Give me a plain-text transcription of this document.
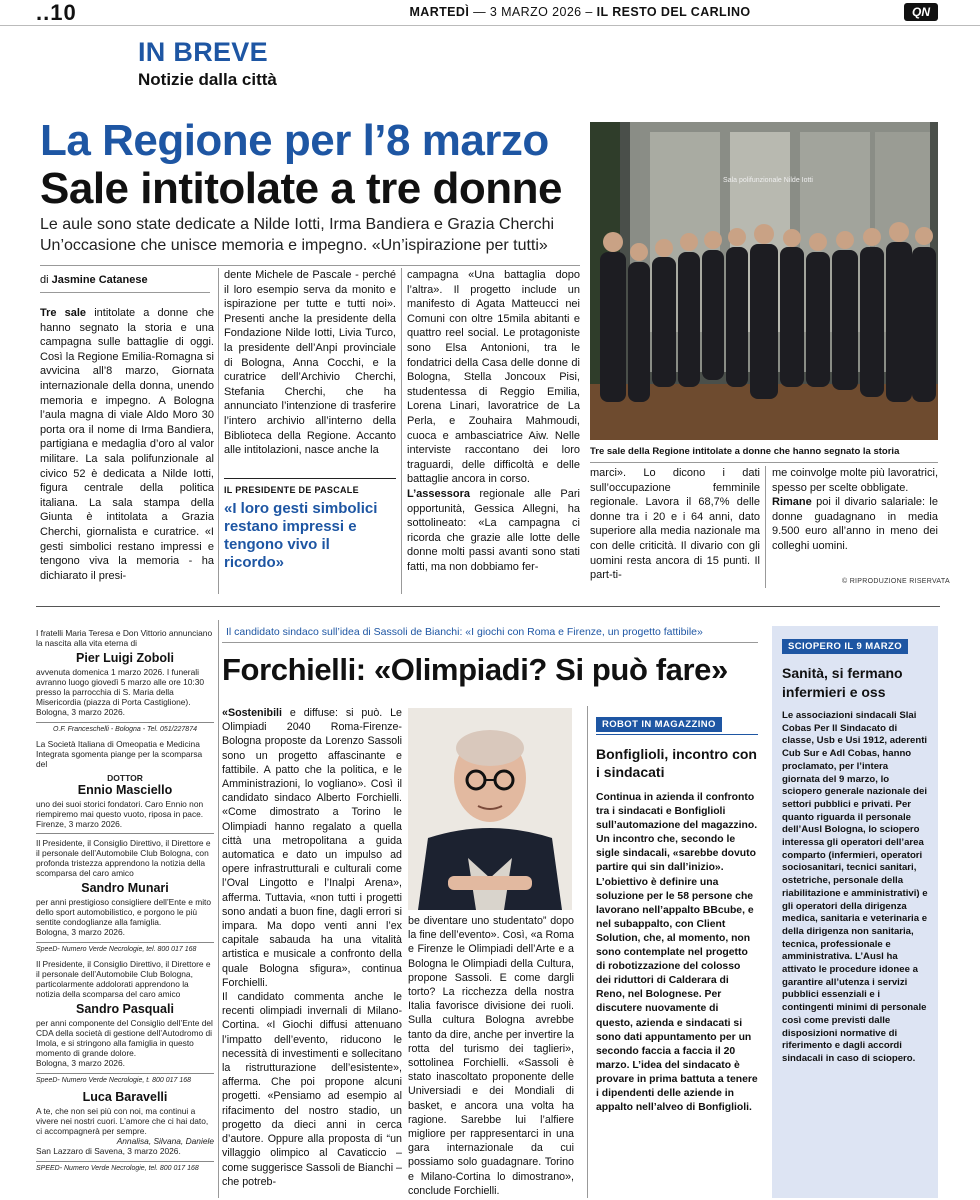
..10	MARTEDÌ — 3 MARZO 2026 – IL RESTO DEL CARLINO	QN
IN BREVE
Notizie dalla città
La Regione per l’8 marzo
Sale intitolate a tre donne
Le aule sono state dedicate a Nilde Iotti, Irma Bandiera e Grazia Cherchi
Un’occasione che unisce memoria e impegno. «Un’ispirazione per tutti»
di Jasmine Catanese

Tre sale intitolate a donne che hanno segnato la storia e una campagna sulle battaglie di oggi. Così la Regione Emilia-Romagna si avvicina all’8 marzo, Giornata internazionale della donna, unendo memoria e impegno. A Bologna l’aula magna di viale Aldo Moro 30 porta ora il nome di Irma Bandiera, partigiana e medaglia d’oro al valor militare. La sala polifunzionale al civico 52 è dedicata a Nilde Iotti, figura centrale della politica italiana. La sala stampa della Giunta è intitolata a Grazia Cherchi, giornalista e curatrice. «I gesti simbolici restano impressi e tengono viva la memoria - ha dichiarato il presi-

dente Michele de Pascale - perché il loro esempio serva da monito e ispirazione per tutte e tutti noi». Presenti anche la presidente della Fondazione Nilde Iotti, Livia Turco, la presidente dell’Anpi provinciale di Bologna, Anna Cocchi, e la curatrice dell’Archivio Cherchi, Stefania Cherchi, che ha annunciato l’intenzione di trasferire l’intero archivio all’interno della Biblioteca della Regione. Accanto alle intitolazioni, nasce anche la

IL PRESIDENTE DE PASCALE
«I loro gesti simbolici restano impressi e tengono vivo il ricordo»

campagna «Una battaglia dopo l’altra». Il progetto include un manifesto di Agata Matteucci nei Comuni con oltre 15mila abitanti e quattro reel social. Le protagoniste sono Elsa Antonioni, tra le fondatrici della Casa delle donne di Bologna, Stella Joncoux Pisi, studentessa di Reggio Emilia, Lorena Linari, lavoratrice de La Perla, e Zouhaira Mahmoudi, cuoca e ambasciatrice Aiw. Nelle interviste raccontano dei loro traguardi, delle difficoltà e delle battaglie ancora in corso.

L’assessora regionale alle Pari opportunità, Gessica Allegni, ha sottolineato: «La campagna ci ricorda che grazie alle lotte delle donne molti passi avanti sono stati fatti, ma non dobbiamo fer-

Sala polifunzionale Nilde Iotti
Tre sale della Regione intitolate a donne che hanno segnato la storia

marci». Lo dicono i dati sull’occupazione femminile regionale. Lavora il 68,7% delle donne tra i 20 e i 64 anni, dato superiore alla media nazionale ma con delle criticità. Il divario con gli uomini resta ancora di 15 punti. Il part-ti-

me coinvolge molte più lavoratrici, spesso per scelte obbligate.

Rimane poi il divario salariale: le donne guadagnano in media 9.500 euro all’anno in meno dei colleghi uomini.

© RIPRODUZIONE RISERVATA
I fratelli Maria Teresa e Don Vittorio annunciano la nascita alla vita eterna di
Pier Luigi Zoboli
avvenuta domenica 1 marzo 2026. I funerali avranno luogo giovedì 5 marzo alle ore 10:30 presso la parrocchia di S. Maria della Misericordia (piazza di Porta Castiglione).
Bologna, 3 marzo 2026.
O.F. Franceschelli - Bologna - Tel. 051/227874
La Società Italiana di Omeopatia e Medicina Integrata sgomenta piange per la scomparsa del
DOTTOR
Ennio Masciello
uno dei suoi storici fondatori. Caro Ennio non riempiremo mai questo vuoto, riposa in pace.
Firenze, 3 marzo 2026.
Il Presidente, il Consiglio Direttivo, il Direttore e il personale dell’Automobile Club Bologna, con profonda tristezza apprendono la notizia della scomparsa del caro amico
Sandro Munari
per anni prestigioso consigliere dell’Ente e mito dello sport automobilistico, e porgono le più sentite condoglianze alla famiglia.
Bologna, 3 marzo 2026.
SpeeD- Numero Verde Necrologie, tel. 800 017 168
Il Presidente, il Consiglio Direttivo, il Direttore e il personale dell’Automobile Club Bologna, particolarmente addolorati apprendono la notizia della scomparsa del caro amico
Sandro Pasquali
per anni componente del Consiglio dell’Ente del CDA della società di gestione dell’Autodromo di Imola, e si stringono alla famiglia in questo momento di grande dolore.
Bologna, 3 marzo 2026.
SpeeD- Numero Verde Necrologie, t. 800 017 168
Luca Baravelli
A te, che non sei più con noi, ma continui a vivere nei nostri cuori. L’amore che ci hai dato, ci accompagnerà per sempre.
Annalisa, Silvana, Daniele
San Lazzaro di Savena, 3 marzo 2026.
SPEED- Numero Verde Necrologie, tel. 800 017 168
Il candidato sindaco sull’idea di Sassoli de Bianchi: «I giochi con Roma e Firenze, un progetto fattibile»
Forchielli: «Olimpiadi? Si può fare»

«Sostenibili e diffuse: si può. Le Olimpiadi 2040 Roma-Firenze-Bologna proposte da Lorenzo Sassoli sono un progetto affascinante e fattibile. A patto che la politica, e le Amministrazioni, lo vogliano». Così il candidato sindaco Alberto Forchielli. «Come dimostrato a Torino le Olimpiadi hanno regalato a quella città una metropolitana a guida automatica e dato un impulso ad opere infrastrutturali e culturali come l’Oval Lingotto e l’Inalpi Arena», afferma. Tuttavia, «non tutti i progetti sono andati a buon fine, dagli errori si impara. Ma dopo venti anni l’ex capitale sabauda ha una vitalità artistica e musicale a confronto della quale Bologna sfigura», continua Forchielli.

Il candidato commenta anche le recenti olimpiadi invernali di Milano-Cortina. «I Giochi diffusi attenuano l’impatto dell’evento, riducono le necessità di investimenti e sollecitano la ristrutturazione dell’esistente», afferma. Che poi propone alcuni progetti. «Pensiamo ad esempio al rifacimento del nostro stadio, un progetto da dieci anni in cerca d’autore. Oppure alla proposta di “un villaggio olimpico al Cavaticcio – come suggerisce Sassoli de Bianchi – che potreb-

be diventare uno studentato” dopo la fine dell’evento». Così, «a Roma e Firenze le Olimpiadi dell’Arte e a Bologna le Olimpiadi della Cultura, propone Sassoli. E come dargli torto? La ricchezza della nostra Italia favorisce divisione dei ruoli. Sulla cultura Bologna avrebbe tanto da dire, anche per invertire la rotta del turismo dei taglieri», sottolinea Forchielli. «Sassoli è stato inascoltato proponente delle Universiadi e dei Mondiali di basket, e ancora una volta ha ragione. Sarebbe lui l’alfiere migliore per rappresentarci in una gara internazionale da cui possiamo solo guadagnare. Torino e Milano-Cortina lo dimostrano», conclude Forchielli.

ROBOT IN MAGAZZINO
Bonfiglioli, incontro con i sindacati
Continua in azienda il confronto tra i sindacati e Bonfiglioli sull’automazione del magazzino. Un incontro che, secondo le sigle sindacali, «sarebbe dovuto partire qui sin dall’inizio». L’obiettivo è definire una soluzione per le 58 persone che lavorano nell’appalto BBcube, e nel subappalto, con Client Solution, che, al momento, non sono contemplate nel progetto di robotizzazione del colosso dei riduttori di Calderara di Reno, nel Bolognese. Per discutere nuovamente di questo, azienda e sindacati si sono dati appuntamento per un secondo faccia a faccia il 20 marzo. L’idea del sindacato è provare in prima battuta a tenere i dipendenti delle aziende in appalto nell’alveo di Bonfiglioli.
SCIOPERO IL 9 MARZO
Sanità, si fermano infermieri e oss
Le associazioni sindacali Slai Cobas Per Il Sindacato di classe, Usb e Usi 1912, aderenti Cub Sur e Adl Cobas, hanno proclamato, per l’intera giornata del 9 marzo, lo sciopero generale nazionale dei settori pubblici e privati. Per quanto riguarda il personale dell’Ausl Bologna, lo sciopero interessa gli operatori dell’area comparto (infermieri, operatori sociosanitari, tecnici sanitari, ostetriche, personale della riabilitazione e amministrativi) e gli operatori della dirigenza medica, sanitaria e veterinaria e della dirigenza non sanitaria, tecnica, professionale e amministrativa. L’Ausl ha attivato le procedure idonee a garantire all’utenza i servizi pubblici essenziali e i contingenti minimi di personale così come previsti dalle disposizioni normative di riferimento e dagli accordi sindacali in caso di sciopero.
